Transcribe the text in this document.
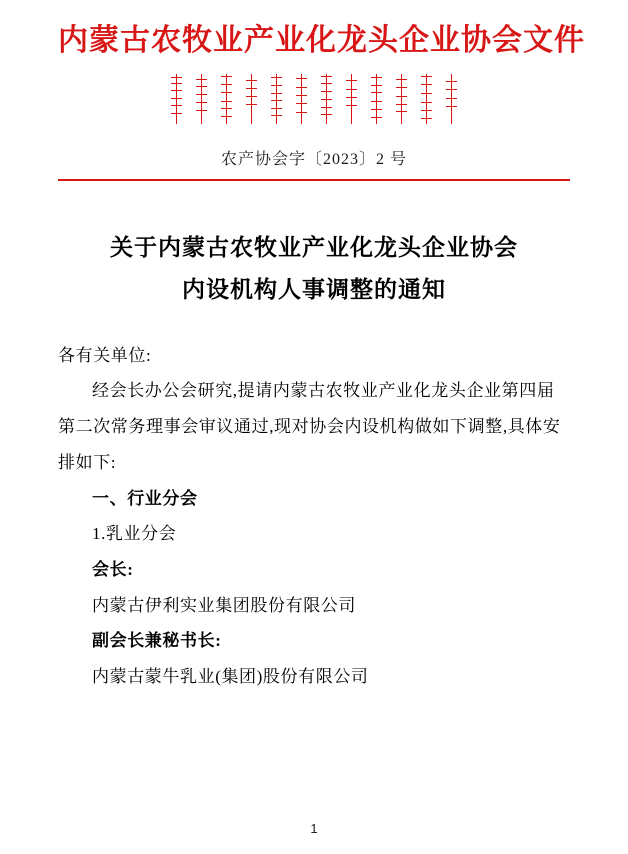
内蒙古农牧业产业化龙头企业协会文件
农产协会字〔2023〕2 号
关于内蒙古农牧业产业化龙头企业协会
内设机构人事调整的通知

各有关单位:

经会长办公会研究,提请内蒙古农牧业产业化龙头企业第四届第二次常务理事会审议通过,现对协会内设机构做如下调整,具体安排如下:

一、行业分会

1.乳业分会

会长:

内蒙古伊利实业集团股份有限公司

副会长兼秘书长:

内蒙古蒙牛乳业(集团)股份有限公司

1
